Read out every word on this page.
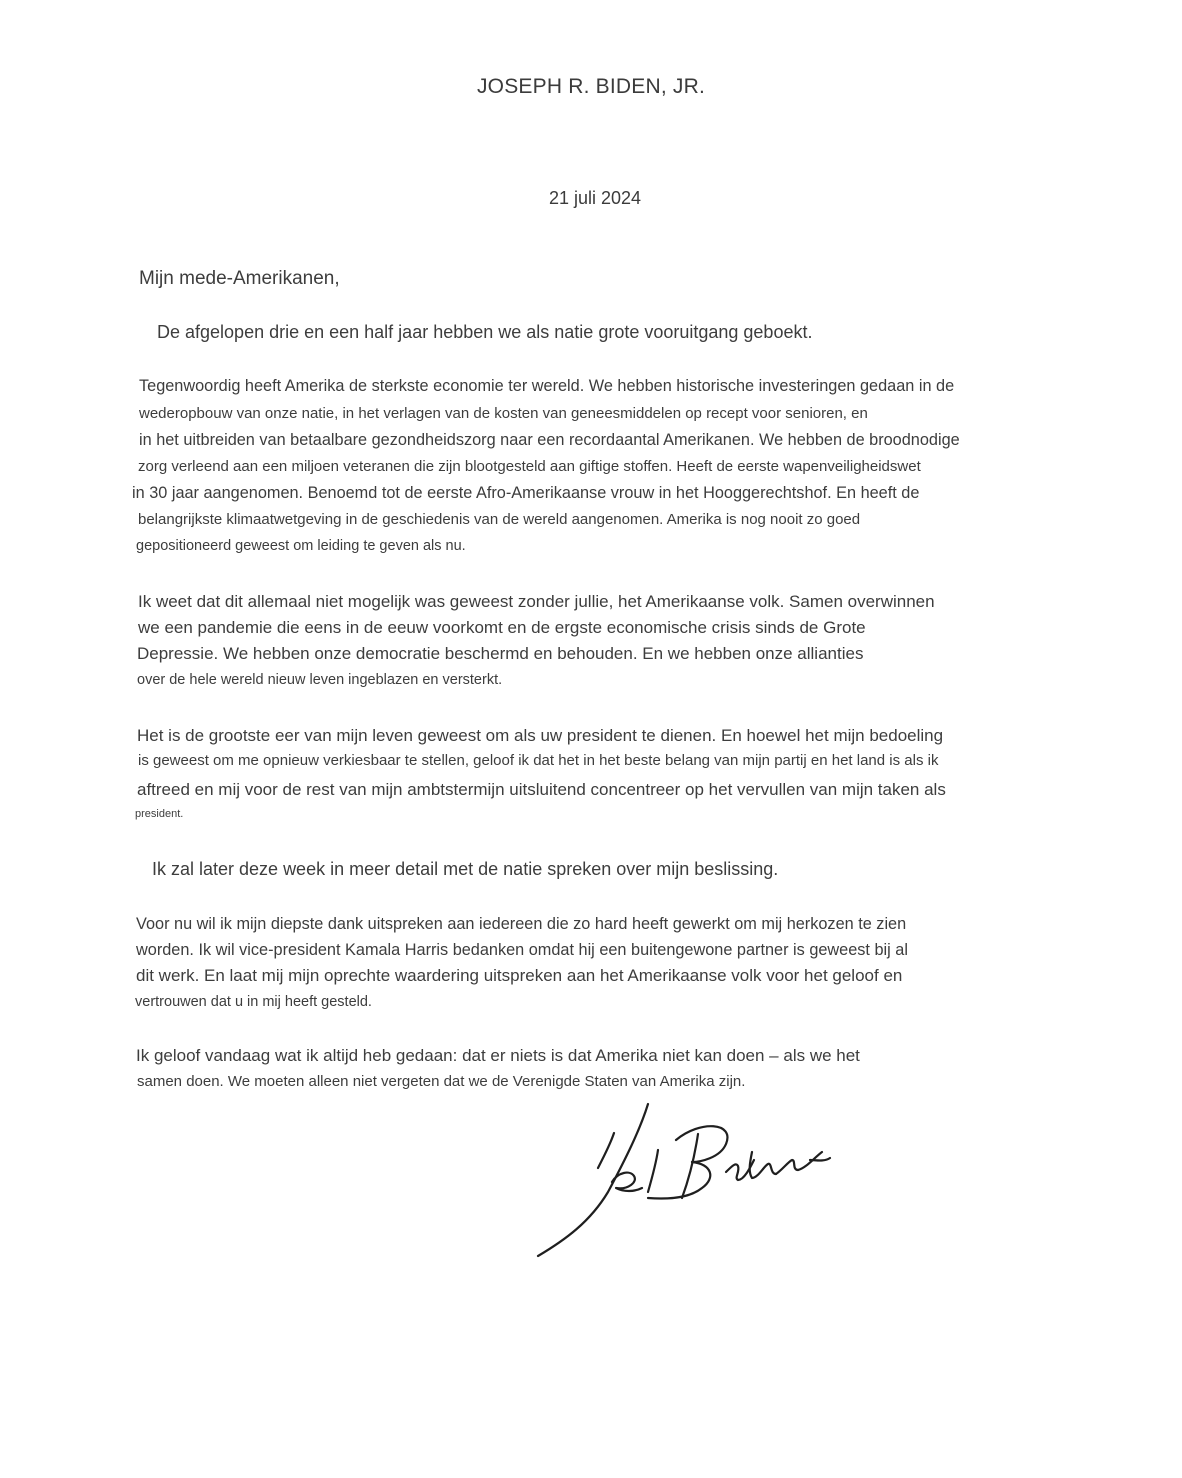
JOSEPH R. BIDEN, JR.
21 juli 2024
Mijn mede-Amerikanen,
De afgelopen drie en een half jaar hebben we als natie grote vooruitgang geboekt.
Tegenwoordig heeft Amerika de sterkste economie ter wereld. We hebben historische investeringen gedaan in de
wederopbouw van onze natie, in het verlagen van de kosten van geneesmiddelen op recept voor senioren, en
in het uitbreiden van betaalbare gezondheidszorg naar een recordaantal Amerikanen. We hebben de broodnodige
zorg verleend aan een miljoen veteranen die zijn blootgesteld aan giftige stoffen. Heeft de eerste wapenveiligheidswet
in 30 jaar aangenomen. Benoemd tot de eerste Afro-Amerikaanse vrouw in het Hooggerechtshof. En heeft de
belangrijkste klimaatwetgeving in de geschiedenis van de wereld aangenomen. Amerika is nog nooit zo goed
gepositioneerd geweest om leiding te geven als nu.
Ik weet dat dit allemaal niet mogelijk was geweest zonder jullie, het Amerikaanse volk. Samen overwinnen
we een pandemie die eens in de eeuw voorkomt en de ergste economische crisis sinds de Grote
Depressie. We hebben onze democratie beschermd en behouden. En we hebben onze allianties
over de hele wereld nieuw leven ingeblazen en versterkt.
Het is de grootste eer van mijn leven geweest om als uw president te dienen. En hoewel het mijn bedoeling
is geweest om me opnieuw verkiesbaar te stellen, geloof ik dat het in het beste belang van mijn partij en het land is als ik
aftreed en mij voor de rest van mijn ambtstermijn uitsluitend concentreer op het vervullen van mijn taken als
president.
Ik zal later deze week in meer detail met de natie spreken over mijn beslissing.
Voor nu wil ik mijn diepste dank uitspreken aan iedereen die zo hard heeft gewerkt om mij herkozen te zien
worden. Ik wil vice-president Kamala Harris bedanken omdat hij een buitengewone partner is geweest bij al
dit werk. En laat mij mijn oprechte waardering uitspreken aan het Amerikaanse volk voor het geloof en
vertrouwen dat u in mij heeft gesteld.
Ik geloof vandaag wat ik altijd heb gedaan: dat er niets is dat Amerika niet kan doen – als we het
samen doen. We moeten alleen niet vergeten dat we de Verenigde Staten van Amerika zijn.
